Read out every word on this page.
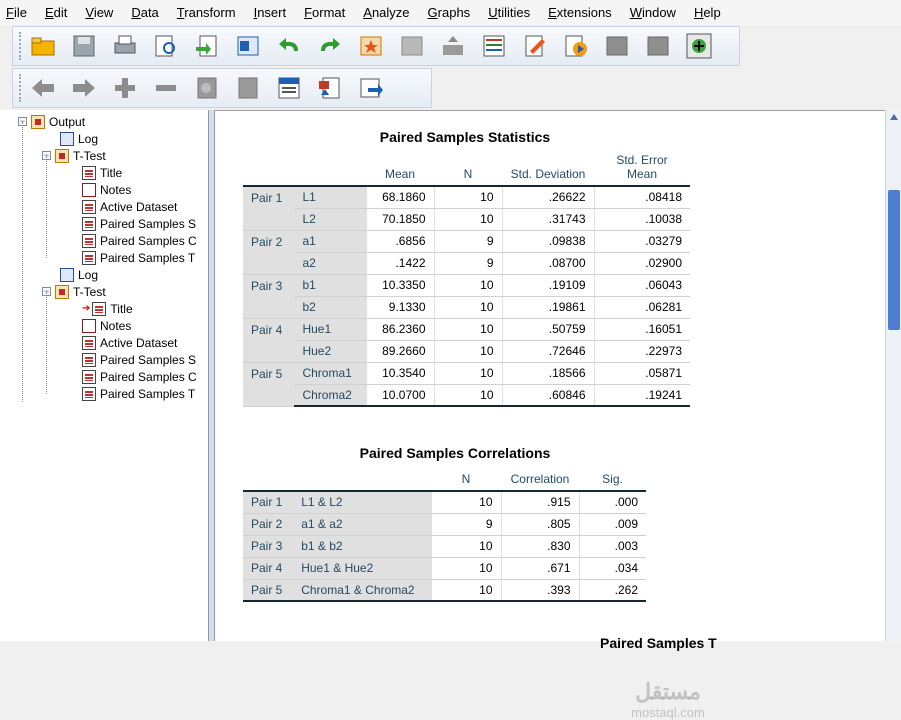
File Edit View Data Transform Insert Format Analyze Graphs Utilities Extensions Window Help
− Output
Log
− T-Test
Title
Notes
Active Dataset
Paired Samples S
Paired Samples C
Paired Samples T
Log
− T-Test
➔ Title
Notes
Active Dataset
Paired Samples S
Paired Samples C
Paired Samples T
Paired Samples Statistics
		Mean	N	Std. Deviation	Std. Error
Mean
Pair 1	L1	68.1860	10	.26622	.08418
	L2	70.1850	10	.31743	.10038
Pair 2	a1	.6856	9	.09838	.03279
	a2	.1422	9	.08700	.02900
Pair 3	b1	10.3350	10	.19109	.06043
	b2	9.1330	10	.19861	.06281
Pair 4	Hue1	86.2360	10	.50759	.16051
	Hue2	89.2660	10	.72646	.22973
Pair 5	Chroma1	10.3540	10	.18566	.05871
	Chroma2	10.0700	10	.60846	.19241
Paired Samples Correlations
		N	Correlation	Sig.
Pair 1	L1 & L2	10	.915	.000
Pair 2	a1 & a2	9	.805	.009
Pair 3	b1 & b2	10	.830	.003
Pair 4	Hue1 & Hue2	10	.671	.034
Pair 5	Chroma1 & Chroma2	10	.393	.262
Paired Samples T
مستقل
mostaql.com
